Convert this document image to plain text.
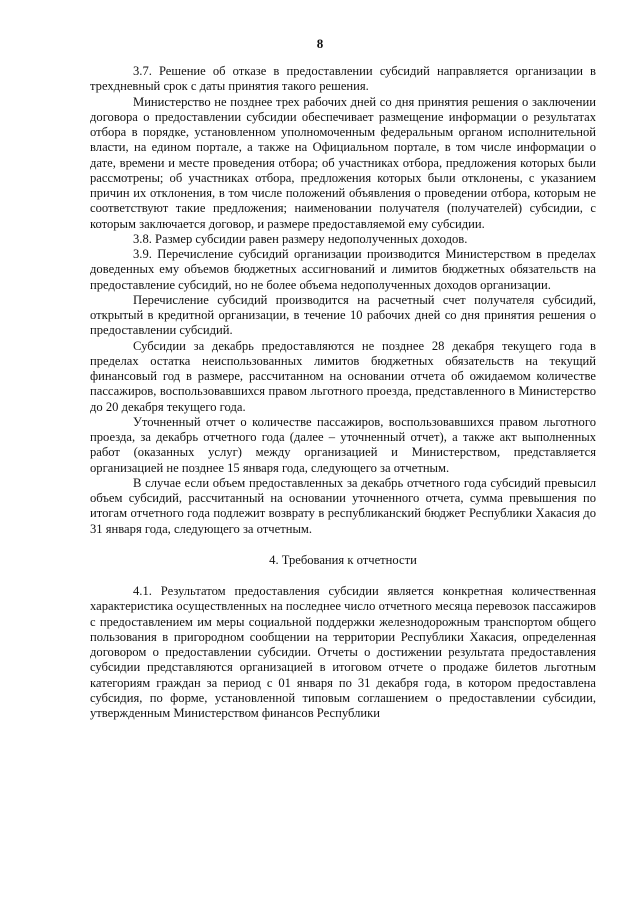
8

3.7. Решение об отказе в предоставлении субсидий направляется организации в трехдневный срок с даты принятия такого решения.

Министерство не позднее трех рабочих дней со дня принятия решения о заключении договора о предоставлении субсидии обеспечивает размещение информации о результатах отбора в порядке, установленном уполномоченным федеральным органом исполнительной власти, на едином портале, а также на Официальном портале, в том числе информации о дате, времени и месте проведения отбора; об участниках отбора, предложения которых были рассмотрены; об участниках отбора, предложения которых были отклонены, с указанием причин их отклонения, в том числе положений объявления о проведении отбора, которым не соответствуют такие предложения; наименовании получателя (получателей) субсидии, с которым заключается договор, и размере предоставляемой ему субсидии.

3.8. Размер субсидии равен размеру недополученных доходов.

3.9. Перечисление субсидий организации производится Министерством в пределах доведенных ему объемов бюджетных ассигнований и лимитов бюджетных обязательств на предоставление субсидий, но не более объема недополученных доходов организации.

Перечисление субсидий производится на расчетный счет получателя субсидий, открытый в кредитной организации, в течение 10 рабочих дней со дня принятия решения о предоставлении субсидий.

Субсидии за декабрь предоставляются не позднее 28 декабря текущего года в пределах остатка неиспользованных лимитов бюджетных обязательств на текущий финансовый год в размере, рассчитанном на основании отчета об ожидаемом количестве пассажиров, воспользовавшихся правом льготного проезда, представленного в Министерство до 20 декабря текущего года.

Уточненный отчет о количестве пассажиров, воспользовавшихся правом льготного проезда, за декабрь отчетного года (далее – уточненный отчет), а также акт выполненных работ (оказанных услуг) между организацией и Министерством, представляется организацией не позднее 15 января года, следующего за отчетным.

В случае если объем предоставленных за декабрь отчетного года субсидий превысил объем субсидий, рассчитанный на основании уточненного отчета, сумма превышения по итогам отчетного года подлежит возврату в республиканский бюджет Республики Хакасия до 31 января года, следующего за отчетным.

4. Требования к отчетности

4.1. Результатом предоставления субсидии является конкретная количественная характеристика осуществленных на последнее число отчетного месяца перевозок пассажиров с предоставлением им меры социальной поддержки железнодорожным транспортом общего пользования в пригородном сообщении на территории Республики Хакасия, определенная договором о предоставлении субсидии. Отчеты о достижении результата предоставления субсидии представляются организацией в итоговом отчете о продаже билетов льготным категориям граждан за период с 01 января по 31 декабря года, в котором предоставлена субсидия, по форме, установленной типовым соглашением о предоставлении субсидии, утвержденным Министерством финансов Республики
